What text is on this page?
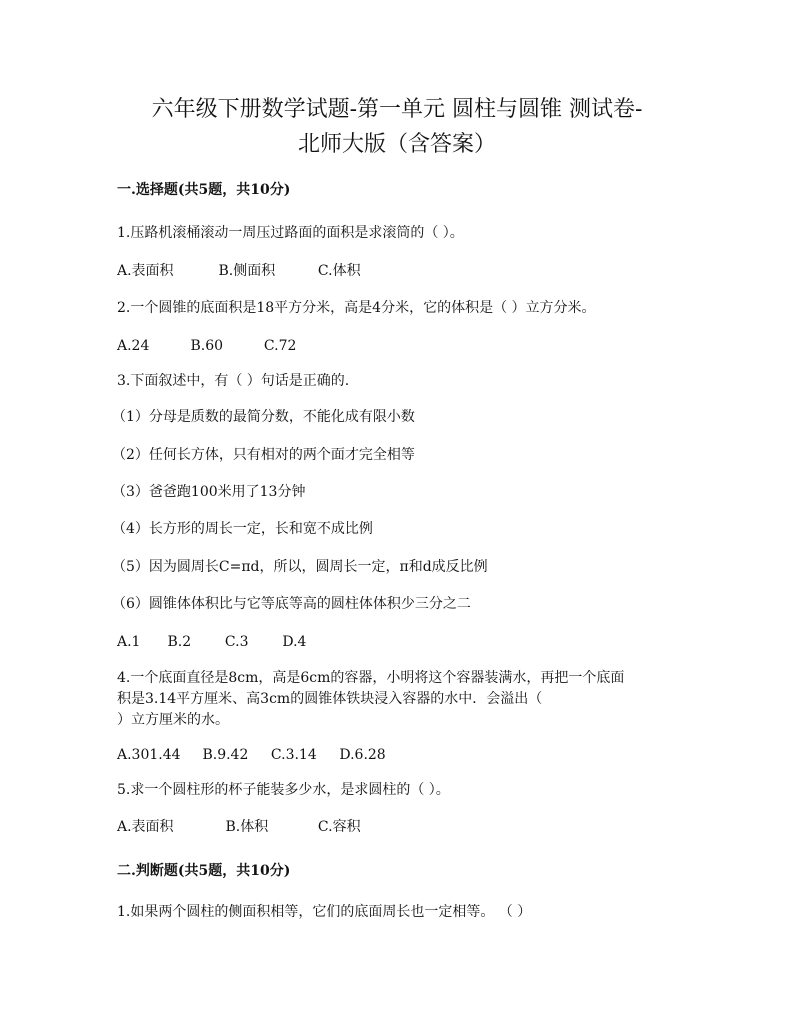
六年级下册数学试题-第一单元 圆柱与圆锥 测试卷-
北师大版（含答案）
一.选择题(共5题，共10分)
1.压路机滚桶滚动一周压过路面的面积是求滚筒的（ ）。
A.表面积	B.侧面积	C.体积
2.一个圆锥的底面积是18平方分米，高是4分米，它的体积是（ ）立方分米。
A.24	B.60	C.72
3.下面叙述中，有（ ）句话是正确的.
（1）分母是质数的最简分数，不能化成有限小数
（2）任何长方体，只有相对的两个面才完全相等
（3）爸爸跑100米用了13分钟
（4）长方形的周长一定，长和宽不成比例
（5）因为圆周长C=πd，所以，圆周长一定，π和d成反比例
（6）圆锥体体积比与它等底等高的圆柱体体积少三分之二
A.1 B.2 C.3 D.4
4.一个底面直径是8cm，高是6cm的容器，小明将这个容器装满水，再把一个底面
积是3.14平方厘米、高3cm的圆锥体铁块浸入容器的水中．会溢出（
）立方厘米的水。
A.301.44 B.9.42 C.3.14 D.6.28
5.求一个圆柱形的杯子能装多少水，是求圆柱的（ ）。
A.表面积	B.体积	C.容积
二.判断题(共5题，共10分)
1.如果两个圆柱的侧面积相等，它们的底面周长也一定相等。 （ ）
